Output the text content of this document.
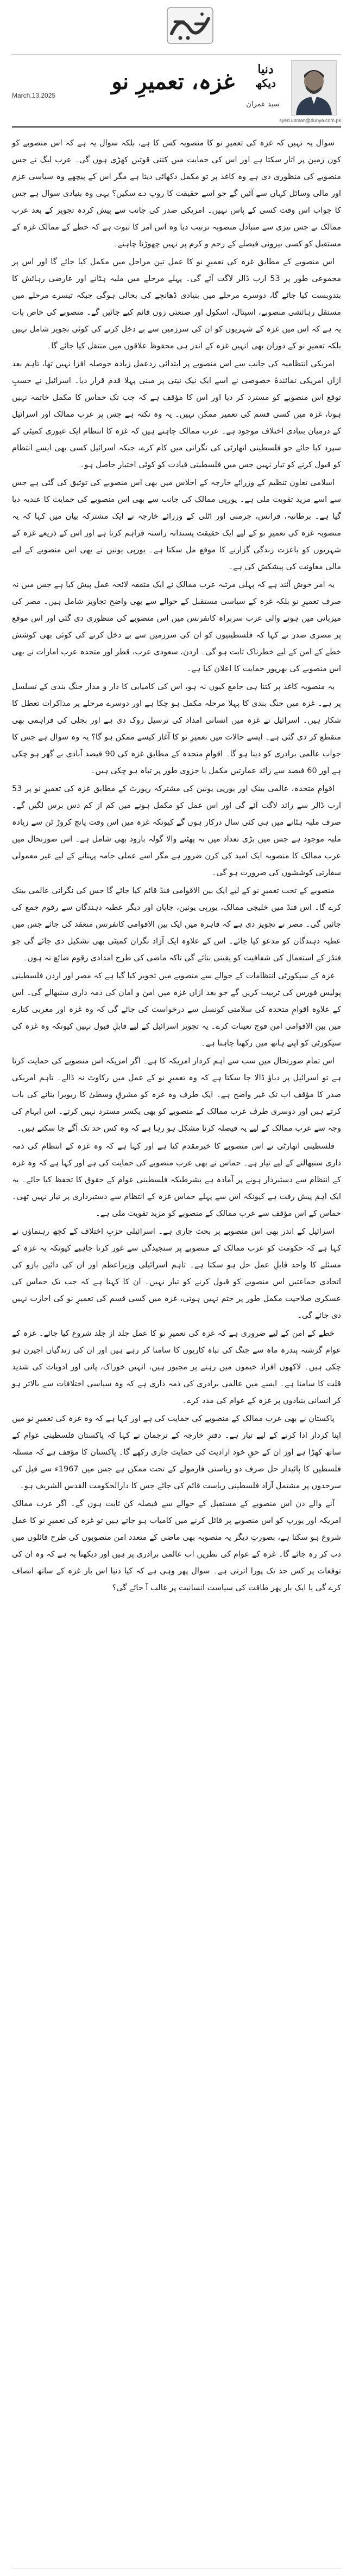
دنیا
دیکھ
سید عمران
غزہ، تعمیرِ نو
March,13,2025
syed.usman@dunya.com.pk

سوال یہ نہیں کہ غزہ کی تعمیرِ نو کا منصوبہ کس کا ہے، بلکہ سوال یہ ہے کہ اس منصوبے کو کون زمین پر اتار سکتا ہے اور اس کی حمایت میں کتنی قوتیں کھڑی ہوں گی۔ عرب لیگ نے جس منصوبے کی منظوری دی ہے وہ کاغذ پر تو مکمل دکھائی دیتا ہے مگر اس کے پیچھے وہ سیاسی عزم اور مالی وسائل کہاں سے آئیں گے جو اسے حقیقت کا روپ دے سکیں؟ یہی وہ بنیادی سوال ہے جس کا جواب اس وقت کسی کے پاس نہیں۔ امریکی صدر کی جانب سے پیش کردہ تجویز کے بعد عرب ممالک نے جس تیزی سے متبادل منصوبہ ترتیب دیا وہ اس امر کا ثبوت ہے کہ خطے کے ممالک غزہ کے مستقبل کو کسی بیرونی فیصلے کے رحم و کرم پر نہیں چھوڑنا چاہتے۔

اس منصوبے کے مطابق غزہ کی تعمیرِ نو کا عمل تین مراحل میں مکمل کیا جائے گا اور اس پر مجموعی طور پر 53 ارب ڈالر لاگت آئے گی۔ پہلے مرحلے میں ملبہ ہٹانے اور عارضی رہائش کا بندوبست کیا جائے گا، دوسرے مرحلے میں بنیادی ڈھانچے کی بحالی ہوگی جبکہ تیسرے مرحلے میں مستقل رہائشی منصوبے، اسپتال، اسکول اور صنعتی زون قائم کیے جائیں گے۔ منصوبے کی خاص بات یہ ہے کہ اس میں غزہ کے شہریوں کو ان کی سرزمین سے بے دخل کرنے کی کوئی تجویز شامل نہیں بلکہ تعمیرِ نو کے دوران بھی انہیں غزہ کے اندر ہی محفوظ علاقوں میں منتقل کیا جائے گا۔

امریکی انتظامیہ کی جانب سے اس منصوبے پر ابتدائی ردعمل زیادہ حوصلہ افزا نہیں تھا، تاہم بعد ازاں امریکی نمائندۂ خصوصی نے اسے ایک نیک نیتی پر مبنی پہلا قدم قرار دیا۔ اسرائیل نے حسبِ توقع اس منصوبے کو مسترد کر دیا اور اس کا مؤقف ہے کہ جب تک حماس کا مکمل خاتمہ نہیں ہوتا، غزہ میں کسی قسم کی تعمیر ممکن نہیں۔ یہ وہ نکتہ ہے جس پر عرب ممالک اور اسرائیل کے درمیان بنیادی اختلاف موجود ہے۔ عرب ممالک چاہتے ہیں کہ غزہ کا انتظام ایک عبوری کمیٹی کے سپرد کیا جائے جو فلسطینی اتھارٹی کی نگرانی میں کام کرے، جبکہ اسرائیل کسی بھی ایسے انتظام کو قبول کرنے کو تیار نہیں جس میں فلسطینی قیادت کو کوئی اختیار حاصل ہو۔

اسلامی تعاون تنظیم کے وزرائے خارجہ کے اجلاس میں بھی اس منصوبے کی توثیق کی گئی ہے جس سے اسے مزید تقویت ملی ہے۔ یورپی ممالک کی جانب سے بھی اس منصوبے کی حمایت کا عندیہ دیا گیا ہے۔ برطانیہ، فرانس، جرمنی اور اٹلی کے وزرائے خارجہ نے ایک مشترکہ بیان میں کہا کہ یہ منصوبہ غزہ کی تعمیرِ نو کے لیے ایک حقیقت پسندانہ راستہ فراہم کرتا ہے اور اس کے ذریعے غزہ کے شہریوں کو باعزت زندگی گزارنے کا موقع مل سکتا ہے۔ یورپی یونین نے بھی اس منصوبے کے لیے مالی معاونت کی پیشکش کی ہے۔

یہ امر خوش آئند ہے کہ پہلی مرتبہ عرب ممالک نے ایک متفقہ لائحہ عمل پیش کیا ہے جس میں نہ صرف تعمیرِ نو بلکہ غزہ کے سیاسی مستقبل کے حوالے سے بھی واضح تجاویز شامل ہیں۔ مصر کی میزبانی میں ہونے والی عرب سربراہ کانفرنس میں اس منصوبے کی منظوری دی گئی اور اس موقع پر مصری صدر نے کہا کہ فلسطینیوں کو ان کی سرزمین سے بے دخل کرنے کی کوئی بھی کوشش خطے کے امن کے لیے خطرناک ثابت ہو گی۔ اردن، سعودی عرب، قطر اور متحدہ عرب امارات نے بھی اس منصوبے کی بھرپور حمایت کا اعلان کیا ہے۔

یہ منصوبہ کاغذ پر کتنا ہی جامع کیوں نہ ہو، اس کی کامیابی کا دار و مدار جنگ بندی کے تسلسل پر ہے۔ غزہ میں جنگ بندی کا پہلا مرحلہ مکمل ہو چکا ہے اور دوسرے مرحلے پر مذاکرات تعطل کا شکار ہیں۔ اسرائیل نے غزہ میں انسانی امداد کی ترسیل روک دی ہے اور بجلی کی فراہمی بھی منقطع کر دی گئی ہے۔ ایسے حالات میں تعمیرِ نو کا آغاز کیسے ممکن ہو گا؟ یہ وہ سوال ہے جس کا جواب عالمی برادری کو دینا ہو گا۔ اقوامِ متحدہ کے مطابق غزہ کی 90 فیصد آبادی بے گھر ہو چکی ہے اور 60 فیصد سے زائد عمارتیں مکمل یا جزوی طور پر تباہ ہو چکی ہیں۔

اقوامِ متحدہ، عالمی بینک اور یورپی یونین کی مشترکہ رپورٹ کے مطابق غزہ کی تعمیرِ نو پر 53 ارب ڈالر سے زائد لاگت آئے گی اور اس عمل کو مکمل ہونے میں کم از کم دس برس لگیں گے۔ صرف ملبہ ہٹانے میں ہی کئی سال درکار ہوں گے کیونکہ غزہ میں اس وقت پانچ کروڑ ٹن سے زیادہ ملبہ موجود ہے جس میں بڑی تعداد میں نہ پھٹنے والا گولہ بارود بھی شامل ہے۔ اس صورتحال میں عرب ممالک کا منصوبہ ایک امید کی کرن ضرور ہے مگر اسے عملی جامہ پہنانے کے لیے غیر معمولی سفارتی کوششوں کی ضرورت ہو گی۔

منصوبے کے تحت تعمیرِ نو کے لیے ایک بین الاقوامی فنڈ قائم کیا جائے گا جس کی نگرانی عالمی بینک کرے گا۔ اس فنڈ میں خلیجی ممالک، یورپی یونین، جاپان اور دیگر عطیہ دہندگان سے رقوم جمع کی جائیں گی۔ مصر نے تجویز دی ہے کہ قاہرہ میں ایک بین الاقوامی کانفرنس منعقد کی جائے جس میں عطیہ دہندگان کو مدعو کیا جائے۔ اس کے علاوہ ایک آزاد نگران کمیٹی بھی تشکیل دی جائے گی جو فنڈز کے استعمال کی شفافیت کو یقینی بنائے گی تاکہ ماضی کی طرح امدادی رقوم ضائع نہ ہوں۔

غزہ کے سیکورٹی انتظامات کے حوالے سے منصوبے میں تجویز کیا گیا ہے کہ مصر اور اردن فلسطینی پولیس فورس کی تربیت کریں گے جو بعد ازاں غزہ میں امن و امان کی ذمہ داری سنبھالے گی۔ اس کے علاوہ اقوامِ متحدہ کی سلامتی کونسل سے درخواست کی جائے گی کہ وہ غزہ اور مغربی کنارے میں بین الاقوامی امن فوج تعینات کرے۔ یہ تجویز اسرائیل کے لیے قابلِ قبول نہیں کیونکہ وہ غزہ کی سیکورٹی کو اپنے ہاتھ میں رکھنا چاہتا ہے۔

اس تمام صورتحال میں سب سے اہم کردار امریکہ کا ہے۔ اگر امریکہ اس منصوبے کی حمایت کرتا ہے تو اسرائیل پر دباؤ ڈالا جا سکتا ہے کہ وہ تعمیرِ نو کے عمل میں رکاوٹ نہ ڈالے۔ تاہم امریکی صدر کا مؤقف اب تک غیر واضح ہے۔ ایک طرف وہ غزہ کو مشرقِ وسطیٰ کا ریویرا بنانے کی بات کرتے ہیں اور دوسری طرف عرب ممالک کے منصوبے کو بھی یکسر مسترد نہیں کرتے۔ اس ابہام کی وجہ سے عرب ممالک کے لیے یہ فیصلہ کرنا مشکل ہو رہا ہے کہ وہ کس حد تک آگے جا سکتے ہیں۔

فلسطینی اتھارٹی نے اس منصوبے کا خیرمقدم کیا ہے اور کہا ہے کہ وہ غزہ کے انتظام کی ذمہ داری سنبھالنے کے لیے تیار ہے۔ حماس نے بھی عرب منصوبے کی حمایت کی ہے اور کہا ہے کہ وہ غزہ کے انتظام سے دستبردار ہونے پر آمادہ ہے بشرطیکہ فلسطینی عوام کے حقوق کا تحفظ کیا جائے۔ یہ ایک اہم پیش رفت ہے کیونکہ اس سے پہلے حماس غزہ کے انتظام سے دستبرداری پر تیار نہیں تھی۔ حماس کے اس مؤقف سے عرب ممالک کے منصوبے کو مزید تقویت ملی ہے۔

اسرائیل کے اندر بھی اس منصوبے پر بحث جاری ہے۔ اسرائیلی حزبِ اختلاف کے کچھ رہنماؤں نے کہا ہے کہ حکومت کو عرب ممالک کے منصوبے پر سنجیدگی سے غور کرنا چاہیے کیونکہ یہ غزہ کے مسئلے کا واحد قابلِ عمل حل ہو سکتا ہے۔ تاہم اسرائیلی وزیراعظم اور ان کی دائیں بازو کی اتحادی جماعتیں اس منصوبے کو قبول کرنے کو تیار نہیں۔ ان کا کہنا ہے کہ جب تک حماس کی عسکری صلاحیت مکمل طور پر ختم نہیں ہوتی، غزہ میں کسی قسم کی تعمیرِ نو کی اجازت نہیں دی جائے گی۔

خطے کے امن کے لیے ضروری ہے کہ غزہ کی تعمیرِ نو کا عمل جلد از جلد شروع کیا جائے۔ غزہ کے عوام گزشتہ پندرہ ماہ سے جنگ کی تباہ کاریوں کا سامنا کر رہے ہیں اور ان کی زندگیاں اجیرن ہو چکی ہیں۔ لاکھوں افراد خیموں میں رہنے پر مجبور ہیں، انہیں خوراک، پانی اور ادویات کی شدید قلت کا سامنا ہے۔ ایسے میں عالمی برادری کی ذمہ داری ہے کہ وہ سیاسی اختلافات سے بالاتر ہو کر انسانی بنیادوں پر غزہ کے عوام کی مدد کرے۔

پاکستان نے بھی عرب ممالک کے منصوبے کی حمایت کی ہے اور کہا ہے کہ وہ غزہ کی تعمیرِ نو میں اپنا کردار ادا کرنے کے لیے تیار ہے۔ دفترِ خارجہ کے ترجمان نے کہا کہ پاکستان فلسطینی عوام کے ساتھ کھڑا ہے اور ان کے حقِ خود ارادیت کی حمایت جاری رکھے گا۔ پاکستان کا مؤقف ہے کہ مسئلہ فلسطین کا پائیدار حل صرف دو ریاستی فارمولے کے تحت ممکن ہے جس میں 1967ء سے قبل کی سرحدوں پر مشتمل آزاد فلسطینی ریاست قائم کی جائے جس کا دارالحکومت القدس الشریف ہو۔

آنے والے دن اس منصوبے کے مستقبل کے حوالے سے فیصلہ کن ثابت ہوں گے۔ اگر عرب ممالک امریکہ اور یورپ کو اس منصوبے پر قائل کرنے میں کامیاب ہو جاتے ہیں تو غزہ کی تعمیرِ نو کا عمل شروع ہو سکتا ہے، بصورتِ دیگر یہ منصوبہ بھی ماضی کے متعدد امن منصوبوں کی طرح فائلوں میں دب کر رہ جائے گا۔ غزہ کے عوام کی نظریں اب عالمی برادری پر ہیں اور دیکھنا یہ ہے کہ وہ ان کی توقعات پر کس حد تک پورا اترتی ہے۔ سوال پھر وہی ہے کہ کیا دنیا اس بار غزہ کے ساتھ انصاف کرے گی یا ایک بار پھر طاقت کی سیاست انسانیت پر غالب آ جائے گی؟
